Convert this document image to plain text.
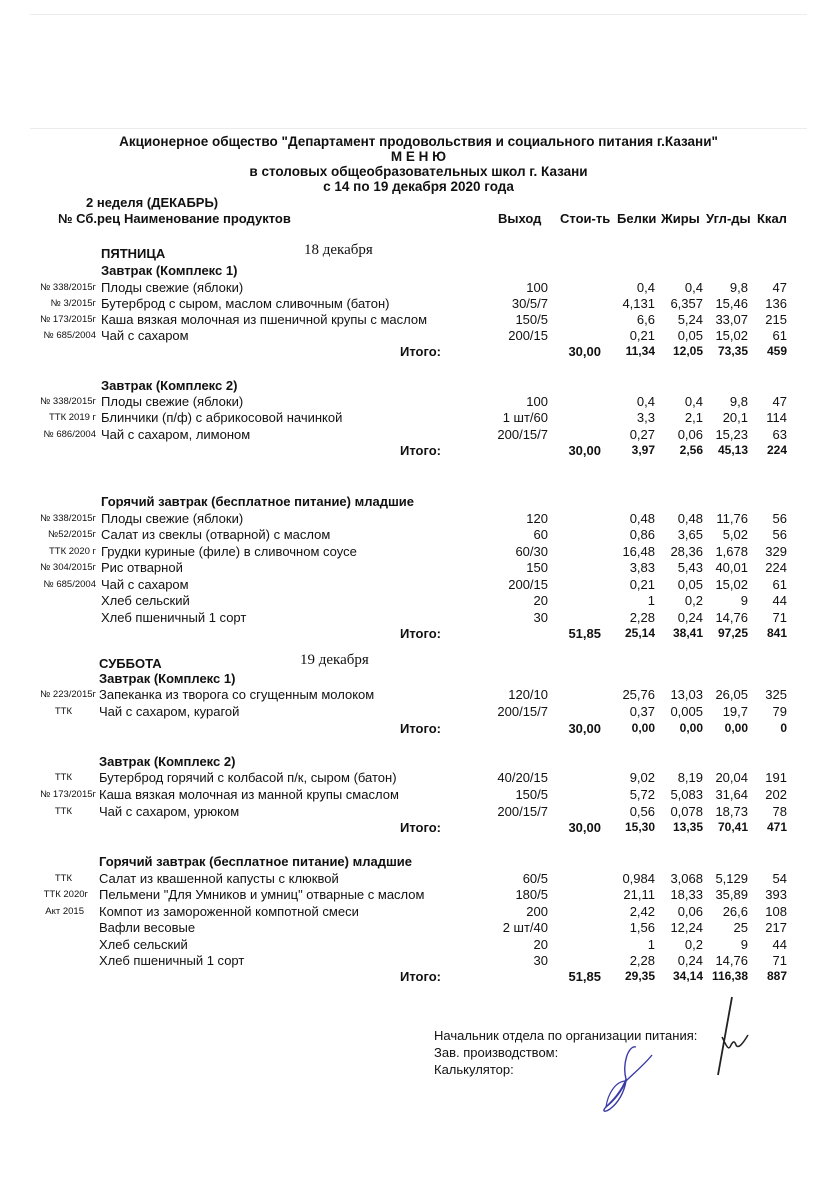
Акционерное общество "Департамент продовольствия и социального питания г.Казани"
М Е Н Ю
в столовых общеобразовательных школ г. Казани
с 14 по 19 декабря 2020 года
2 неделя (ДЕКАБРЬ)
№ Сб.рец Наименование продуктов	Выход Стои-ть Белки Жиры Угл-ды Ккал
ПЯТНИЦА	18 декабря
Завтрак (Комплекс 1)
№ 338/2015г Плоды свежие (яблоки)	100	0,4	0,4	9,8	47
№ 3/2015г Бутерброд с сыром, маслом сливочным (батон)	30/5/7	4,131	6,357 15,46	136
№ 173/2015г Каша вязкая молочная из пшеничной крупы с маслом	150/5	6,6	5,24 33,07	215
№ 685/2004 Чай с сахаром	200/15	0,21	0,05 15,02	61
Итого:	30,00	11,34	12,05	73,35	459
Завтрак (Комплекс 2)
№ 338/2015г Плоды свежие (яблоки)	100	0,4	0,4	9,8	47
ТТК 2019 г Блинчики (п/ф) с абрикосовой начинкой	1 шт/60	3,3	2,1	20,1	114
№ 686/2004 Чай с сахаром, лимоном	200/15/7	0,27	0,06 15,23	63
Итого:	30,00	3,97	2,56	45,13	224
Горячий завтрак (бесплатное питание) младшие
№ 338/2015г Плоды свежие (яблоки)	120	0,48	0,48	11,76	56
№52/2015г Салат из свеклы (отварной) с маслом	60	0,86	3,65	5,02	56
ТТК 2020 г Грудки куриные (филе) в сливочном соусе	60/30	16,48	28,36 1,678	329
№ 304/2015г Рис отварной	150	3,83	5,43 40,01	224
№ 685/2004 Чай с сахаром	200/15	0,21	0,05 15,02	61
Хлеб сельский	20	1	0,2	9	44
Хлеб пшеничный 1 сорт	30	2,28	0,24 14,76	71
Итого:	51,85	25,14	38,41	97,25	841
СУББОТА	19 декабря
Завтрак (Комплекс 1)
№ 223/2015г Запеканка из творога со сгущенным молоком	120/10	25,76	13,03 26,05	325
ТТК Чай с сахаром, курагой	200/15/7	0,37	0,005	19,7	79
Итого:	30,00	0,00	0,00	0,00	0
Завтрак (Комплекс 2)
ТТК Бутерброд горячий с колбасой п/к, сыром (батон)	40/20/15	9,02	8,19 20,04	191
№ 173/2015г Каша вязкая молочная из манной крупы смаслом	150/5	5,72	5,083 31,64	202
ТТК Чай с сахаром, урюком	200/15/7	0,56	0,078 18,73	78
Итого:	30,00	15,30	13,35	70,41	471
Горячий завтрак (бесплатное питание) младшие
ТТК Салат из квашенной капусты с клюквой	60/5	0,984	3,068 5,129	54
ТТК 2020г Пельмени "Для Умников и умниц" отварные с маслом	180/5	21,11	18,33 35,89	393
Акт 2015 Компот из замороженной компотной смеси	200	2,42	0,06	26,6	108
Вафли весовые	2 шт/40	1,56	12,24	25	217
Хлеб сельский	20	1	0,2	9	44
Хлеб пшеничный 1 сорт	30	2,28	0,24 14,76	71
Итого:	51,85	29,35	34,14 116,38	887
Начальник отдела по организации питания:
Зав. производством:
Калькулятор:
